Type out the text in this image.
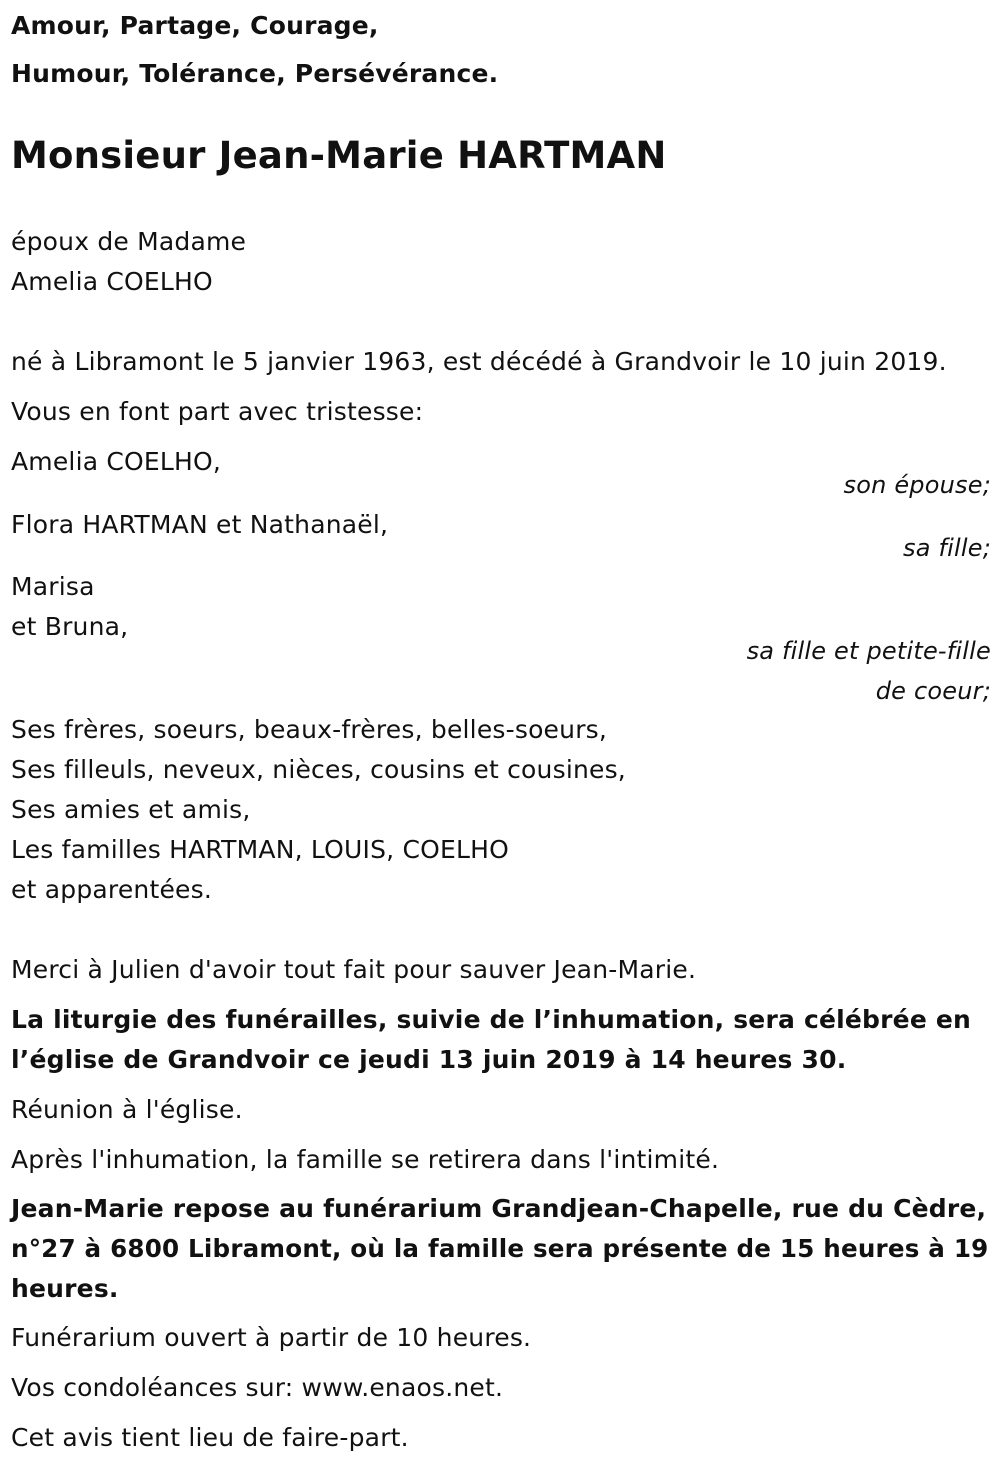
Amour, Partage, Courage,
Humour, Tolérance, Persévérance.
Monsieur Jean-Marie HARTMAN
époux de Madame
Amelia COELHO
né à Libramont le 5 janvier 1963, est décédé à Grandvoir le 10 juin 2019.
Vous en font part avec tristesse:
Amelia COELHO,
son épouse;
Flora HARTMAN et Nathanaël,
sa fille;
Marisa
et Bruna,
sa fille et petite-fille
de coeur;
Ses frères, soeurs, beaux-frères, belles-soeurs,
Ses filleuls, neveux, nièces, cousins et cousines,
Ses amies et amis,
Les familles HARTMAN, LOUIS, COELHO
et apparentées.
Merci à Julien d'avoir tout fait pour sauver Jean-Marie.
La liturgie des funérailles, suivie de l’inhumation, sera célébrée en
l’église de Grandvoir ce jeudi 13 juin 2019 à 14 heures 30.
Réunion à l'église.
Après l'inhumation, la famille se retirera dans l'intimité.
Jean-Marie repose au funérarium Grandjean-Chapelle, rue du Cèdre,
n°27 à 6800 Libramont, où la famille sera présente de 15 heures à 19
heures.
Funérarium ouvert à partir de 10 heures.
Vos condoléances sur: www.enaos.net.
Cet avis tient lieu de faire-part.
